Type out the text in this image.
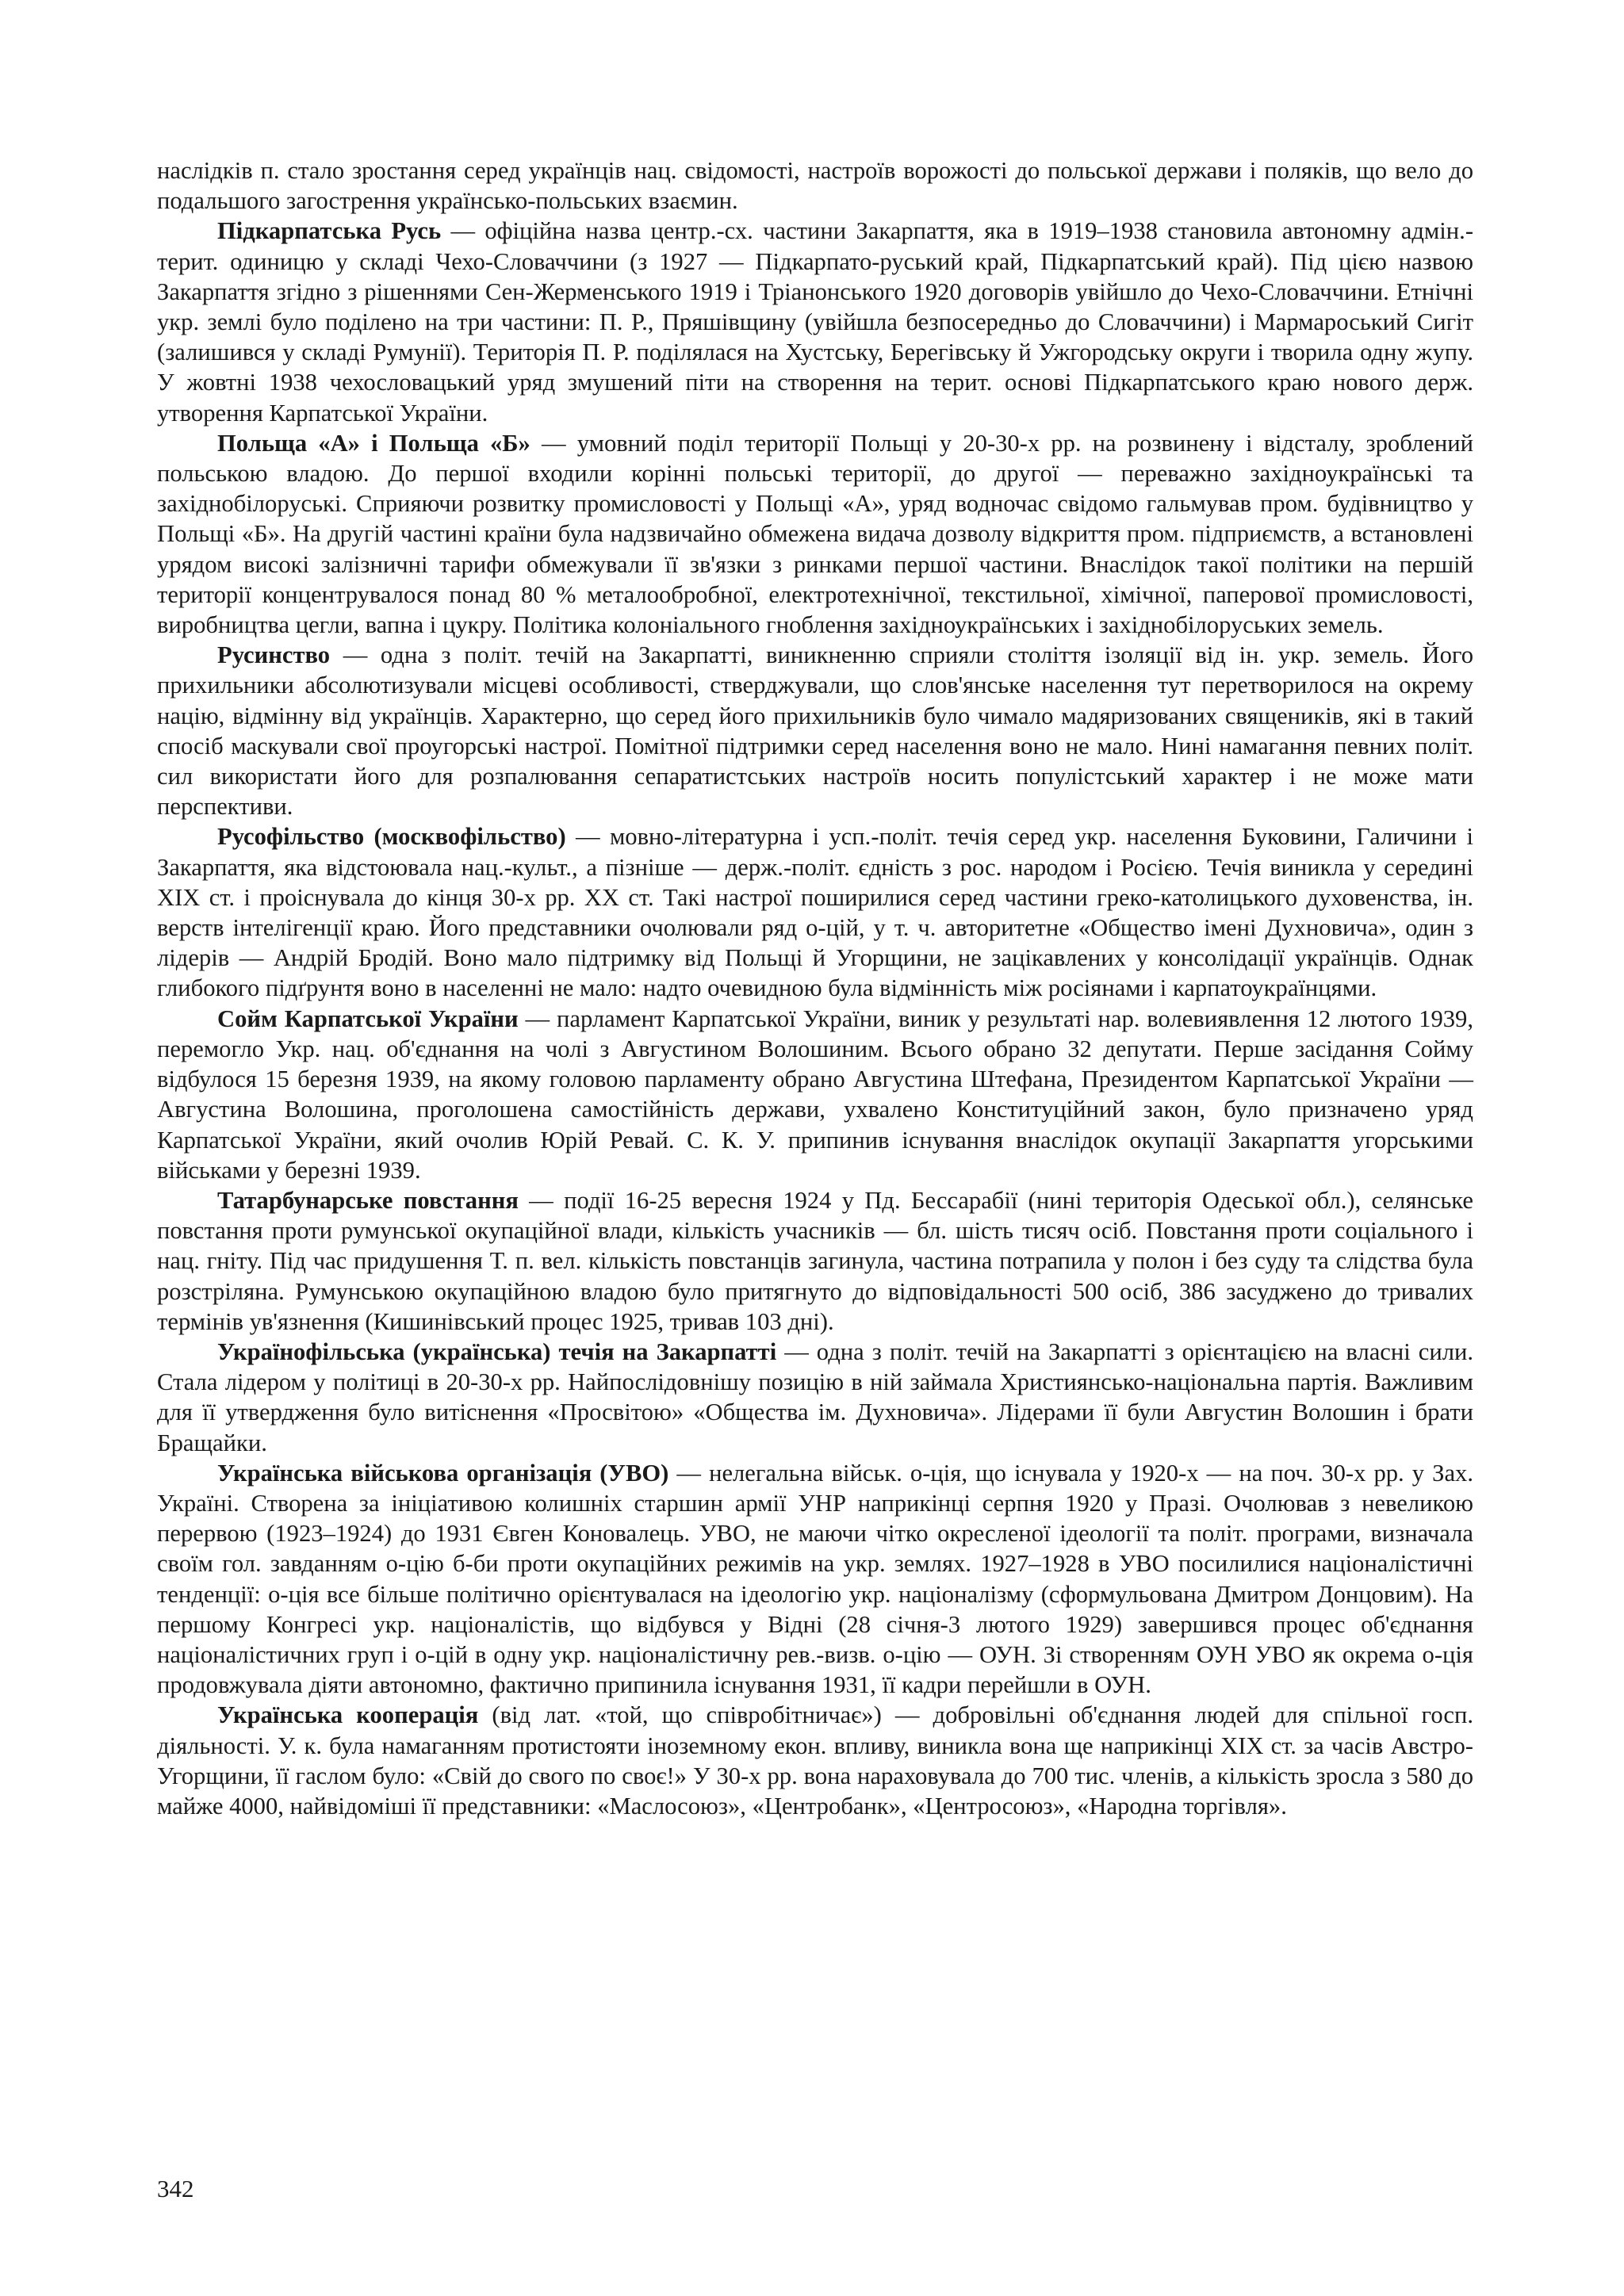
наслідків п. стало зростання серед українців нац. свідомості, настроїв ворожості до польської держави і поляків, що вело до подальшого загострення українсько-польських взаємин.

Підкарпатська Русь — офіційна назва центр.-сх. частини Закарпаття, яка в 1919–1938 становила автономну адмін.-терит. одиницю у складі Чехо-Словаччини (з 1927 — Підкарпато-руський край, Підкарпатський край). Під цією назвою Закарпаття згідно з рішеннями Сен-Жерменського 1919 і Тріанонського 1920 договорів увійшло до Чехо-Словаччини. Етнічні укр. землі було поділено на три частини: П. Р., Пряшівщину (увійшла безпосередньо до Словаччини) і Мармароський Сигіт (залишився у складі Румунії). Територія П. Р. поділялася на Хустську, Берегівську й Ужгородську округи і творила одну жупу. У жовтні 1938 чехословацький уряд змушений піти на створення на терит. основі Підкарпатського краю нового держ. утворення Карпатської України.

Польща «А» і Польща «Б» — умовний поділ території Польщі у 20-30-х рр. на розвинену і відсталу, зроблений польською владою. До першої входили корінні польські території, до другої — переважно західноукраїнські та західнобілоруські. Сприяючи розвитку промисловості у Польщі «А», уряд водночас свідомо гальмував пром. будівництво у Польщі «Б». На другій частині країни була надзвичайно обмежена видача дозволу відкриття пром. підприємств, а встановлені урядом високі залізничні тарифи обмежували її зв'язки з ринками першої частини. Внаслідок такої політики на першій території концентрувалося понад 80 % металообробної, електротехнічної, текстильної, хімічної, паперової промисловості, виробництва цегли, вапна і цукру. Політика колоніального гноблення західноукраїнських і західнобілоруських земель.

Русинство — одна з політ. течій на Закарпатті, виникненню сприяли століття ізоляції від ін. укр. земель. Його прихильники абсолютизували місцеві особливості, стверджували, що слов'янське населення тут перетворилося на окрему націю, відмінну від українців. Характерно, що серед його прихильників було чимало мадяризованих священиків, які в такий спосіб маскували свої проугорські настрої. Помітної підтримки серед населення воно не мало. Нині намагання певних політ. сил використати його для розпалювання сепаратистських настроїв носить популістський характер і не може мати перспективи.

Русофільство (москвофільство) — мовно-літературна і усп.-політ. течія серед укр. населення Буковини, Галичини і Закарпаття, яка відстоювала нац.-культ., а пізніше — держ.-політ. єдність з рос. народом і Росією. Течія виникла у середині XIX ст. і проіснувала до кінця 30-х рр. XX ст. Такі настрої поширилися серед частини греко-католицького духовенства, ін. верств інтелігенції краю. Його представники очолювали ряд о-цій, у т. ч. авторитетне «Общество імені Духновича», один з лідерів — Андрій Бродій. Воно мало підтримку від Польщі й Угорщини, не зацікавлених у консолідації українців. Однак глибокого підґрунтя воно в населенні не мало: надто очевидною була відмінність між росіянами і карпатоукраїнцями.

Сойм Карпатської України — парламент Карпатської України, виник у результаті нар. волевиявлення 12 лютого 1939, перемогло Укр. нац. об'єднання на чолі з Августином Волошиним. Всього обрано 32 депутати. Перше засідання Сойму відбулося 15 березня 1939, на якому головою парламенту обрано Августина Штефана, Президентом Карпатської України — Августина Волошина, проголошена самостійність держави, ухвалено Конституційний закон, було призначено уряд Карпатської України, який очолив Юрій Ревай. С. К. У. припинив існування внаслідок окупації Закарпаття угорськими військами у березні 1939.

Татарбунарське повстання — події 16-25 вересня 1924 у Пд. Бессарабії (нині територія Одеської обл.), селянське повстання проти румунської окупаційної влади, кількість учасників — бл. шість тисяч осіб. Повстання проти соціального і нац. гніту. Під час придушення Т. п. вел. кількість повстанців загинула, частина потрапила у полон і без суду та слідства була розстріляна. Румунською окупаційною владою було притягнуто до відповідальності 500 осіб, 386 засуджено до тривалих термінів ув'язнення (Кишинівський процес 1925, тривав 103 дні).

Українофільська (українська) течія на Закарпатті — одна з політ. течій на Закарпатті з орієнтацією на власні сили. Стала лідером у політиці в 20-30-х рр. Найпослідовнішу позицію в ній займала Християнсько-національна партія. Важливим для її утвердження було витіснення «Просвітою» «Общества ім. Духновича». Лідерами її були Августин Волошин і брати Бращайки.

Українська військова організація (УВО) — нелегальна військ. о-ція, що існувала у 1920-х — на поч. 30-х рр. у Зах. Україні. Створена за ініціативою колишніх старшин армії УНР наприкінці серпня 1920 у Празі. Очолював з невеликою перервою (1923–1924) до 1931 Євген Коновалець. УВО, не маючи чітко окресленої ідеології та політ. програми, визначала своїм гол. завданням о-цію б-би проти окупаційних режимів на укр. землях. 1927–1928 в УВО посилилися націоналістичні тенденції: о-ція все більше політично орієнтувалася на ідеологію укр. націоналізму (сформульована Дмитром Донцовим). На першому Конгресі укр. націоналістів, що відбувся у Відні (28 січня-3 лютого 1929) завершився процес об'єднання націоналістичних груп і о-цій в одну укр. націоналістичну рев.-визв. о-цію — ОУН. Зі створенням ОУН УВО як окрема о-ція продовжувала діяти автономно, фактично припинила існування 1931, її кадри перейшли в ОУН.

Українська кооперація (від лат. «той, що співробітничає») — добровільні об'єднання людей для спільної госп. діяльності. У. к. була намаганням протистояти іноземному екон. впливу, виникла вона ще наприкінці XIX ст. за часів Австро-Угорщини, її гаслом було: «Свій до свого по своє!» У 30-х рр. вона нараховувала до 700 тис. членів, а кількість зросла з 580 до майже 4000, найвідоміші її представники: «Маслосоюз», «Центробанк», «Центросоюз», «Народна торгівля».

342
